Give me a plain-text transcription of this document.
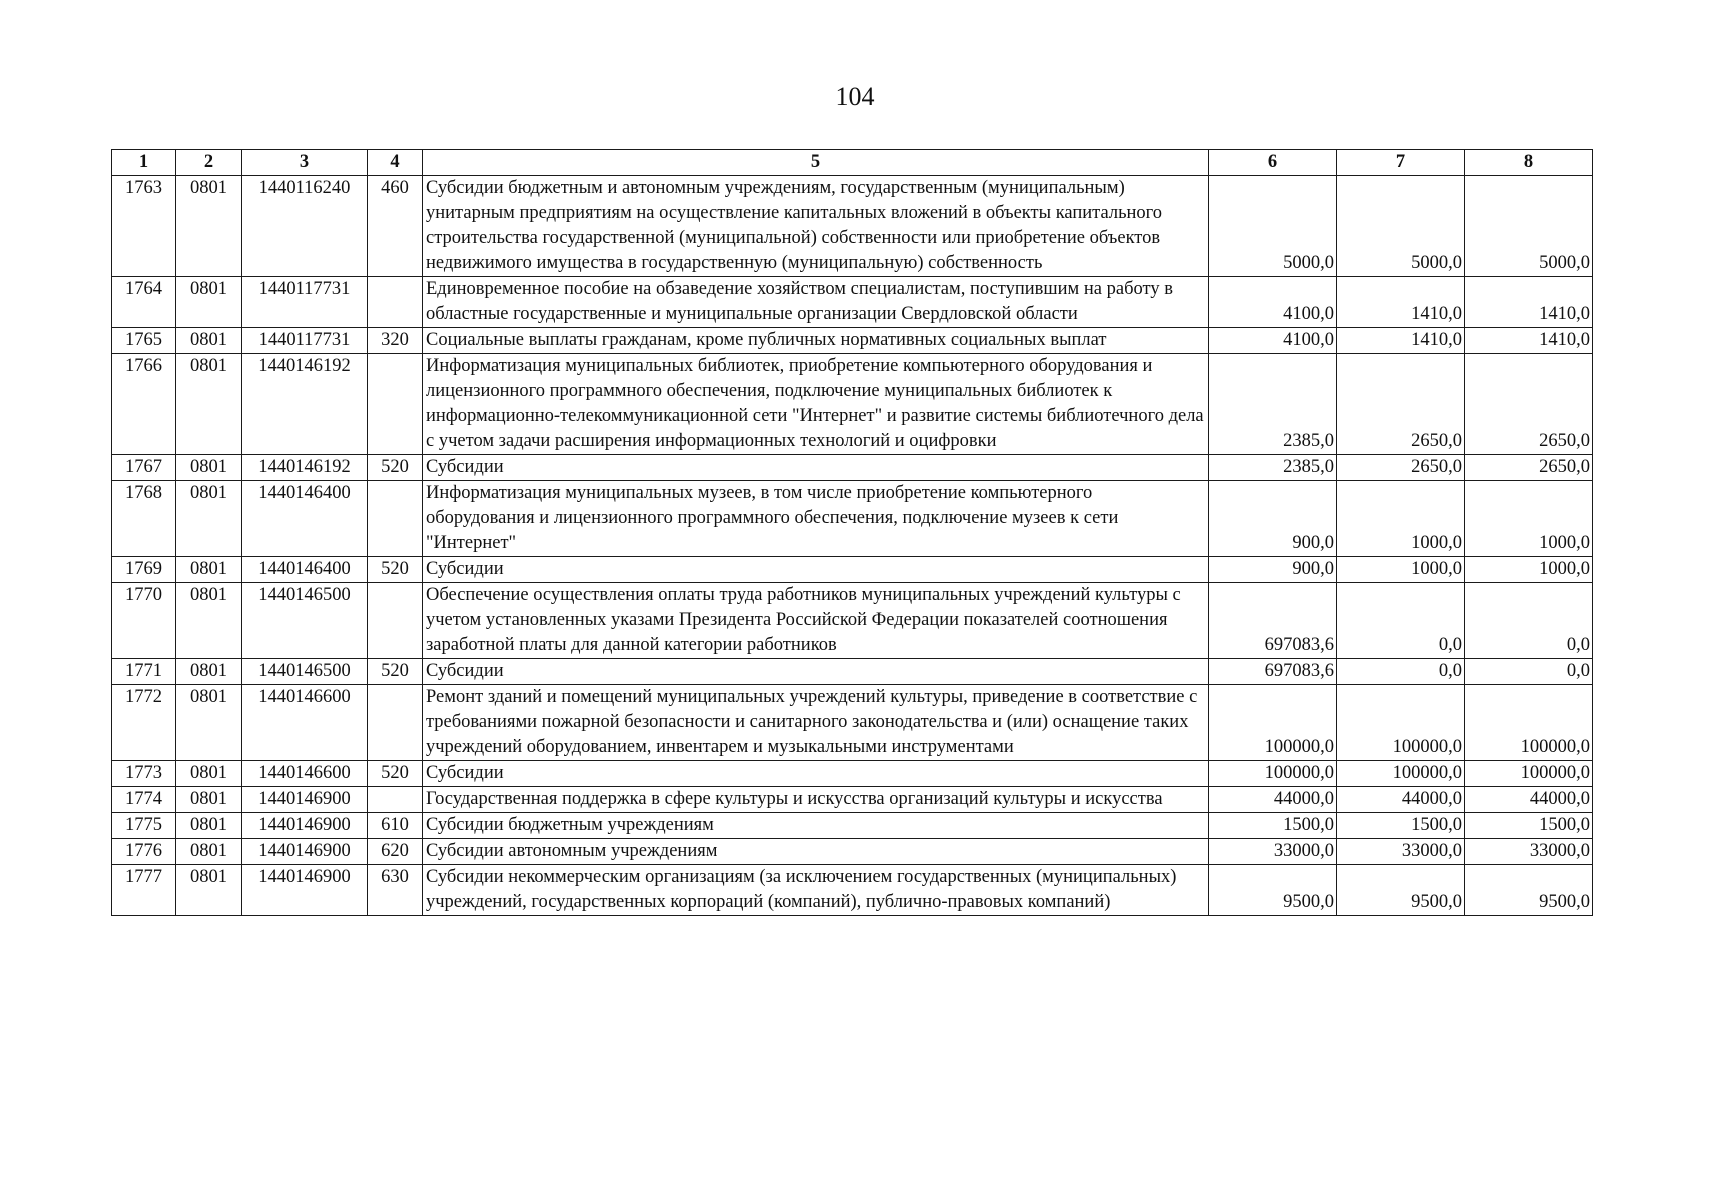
104
1	2	3	4	5	6	7	8
1763	0801	1440116240	460	Субсидии бюджетным и автономным учреждениям, государственным (муниципальным) унитарным предприятиям на осуществление капитальных вложений в объекты капитального строительства государственной (муниципальной) собственности или приобретение объектов недвижимого имущества в государственную (муниципальную) собственность	5000,0	5000,0	5000,0
1764	0801	1440117731		Единовременное пособие на обзаведение хозяйством специалистам, поступившим на работу в областные государственные и муниципальные организации Свердловской области	4100,0	1410,0	1410,0
1765	0801	1440117731	320	Социальные выплаты гражданам, кроме публичных нормативных социальных выплат	4100,0	1410,0	1410,0
1766	0801	1440146192		Информатизация муниципальных библиотек, приобретение компьютерного оборудования и лицензионного программного обеспечения, подключение муниципальных библиотек к информационно-телекоммуникационной сети "Интернет" и развитие системы библиотечного дела с учетом задачи расширения информационных технологий и оцифровки	2385,0	2650,0	2650,0
1767	0801	1440146192	520	Субсидии	2385,0	2650,0	2650,0
1768	0801	1440146400		Информатизация муниципальных музеев, в том числе приобретение компьютерного оборудования и лицензионного программного обеспечения, подключение музеев к сети "Интернет"	900,0	1000,0	1000,0
1769	0801	1440146400	520	Субсидии	900,0	1000,0	1000,0
1770	0801	1440146500		Обеспечение осуществления оплаты труда работников муниципальных учреждений культуры с учетом установленных указами Президента Российской Федерации показателей соотношения заработной платы для данной категории работников	697083,6	0,0	0,0
1771	0801	1440146500	520	Субсидии	697083,6	0,0	0,0
1772	0801	1440146600		Ремонт зданий и помещений муниципальных учреждений культуры, приведение в соответствие с требованиями пожарной безопасности и санитарного законодательства и (или) оснащение таких учреждений оборудованием, инвентарем и музыкальными инструментами	100000,0	100000,0	100000,0
1773	0801	1440146600	520	Субсидии	100000,0	100000,0	100000,0
1774	0801	1440146900		Государственная поддержка в сфере культуры и искусства организаций культуры и искусства	44000,0	44000,0	44000,0
1775	0801	1440146900	610	Субсидии бюджетным учреждениям	1500,0	1500,0	1500,0
1776	0801	1440146900	620	Субсидии автономным учреждениям	33000,0	33000,0	33000,0
1777	0801	1440146900	630	Субсидии некоммерческим организациям (за исключением государственных (муниципальных) учреждений, государственных корпораций (компаний), публично-правовых компаний)	9500,0	9500,0	9500,0
